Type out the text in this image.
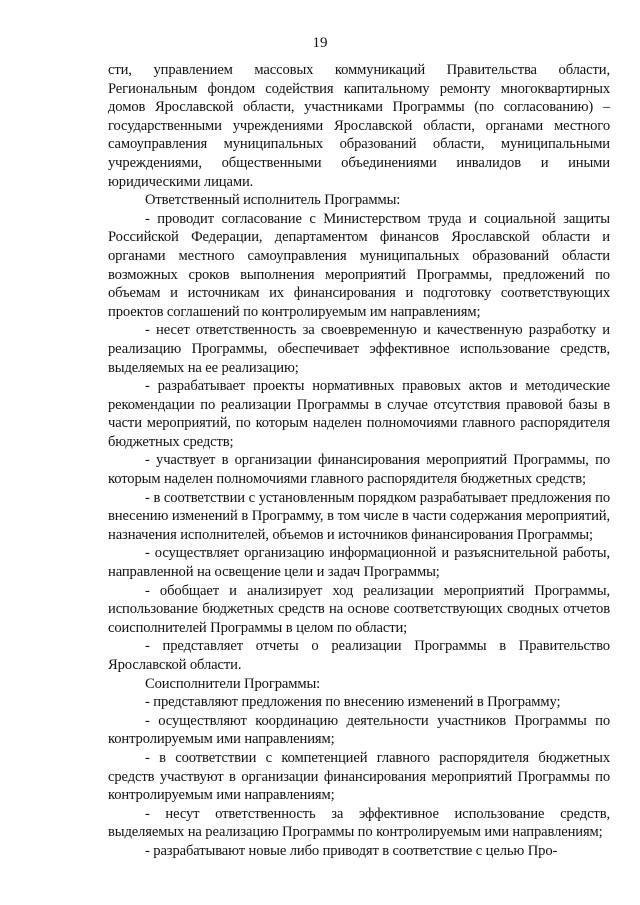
19

сти, управлением массовых коммуникаций Правительства области, Региональным фондом содействия капитальному ремонту многоквартирных домов Ярославской области, участниками Программы (по согласованию) – государственными учреждениями Ярославской области, органами местного самоуправления муниципальных образований области, муниципальными учреждениями, общественными объединениями инвалидов и иными юридическими лицами.

Ответственный исполнитель Программы:

- проводит согласование с Министерством труда и социальной защиты Российской Федерации, департаментом финансов Ярославской области и органами местного самоуправления муниципальных образований области возможных сроков выполнения мероприятий Программы, предложений по объемам и источникам их финансирования и подготовку соответствующих проектов соглашений по контролируемым им направлениям;

- несет ответственность за своевременную и качественную разработку и реализацию Программы, обеспечивает эффективное использование средств, выделяемых на ее реализацию;

- разрабатывает проекты нормативных правовых актов и методические рекомендации по реализации Программы в случае отсутствия правовой базы в части мероприятий, по которым наделен полномочиями главного распорядителя бюджетных средств;

- участвует в организации финансирования мероприятий Программы, по которым наделен полномочиями главного распорядителя бюджетных средств;

- в соответствии с установленным порядком разрабатывает предложения по внесению изменений в Программу, в том числе в части содержания мероприятий, назначения исполнителей, объемов и источников финансирования Программы;

- осуществляет организацию информационной и разъяснительной работы, направленной на освещение цели и задач Программы;

- обобщает и анализирует ход реализации мероприятий Программы, использование бюджетных средств на основе соответствующих сводных отчетов соисполнителей Программы в целом по области;

- представляет отчеты о реализации Программы в Правительство Ярославской области.

Соисполнители Программы:

- представляют предложения по внесению изменений в Программу;

- осуществляют координацию деятельности участников Программы по контролируемым ими направлениям;

- в соответствии с компетенцией главного распорядителя бюджетных средств участвуют в организации финансирования мероприятий Программы по контролируемым ими направлениям;

- несут ответственность за эффективное использование средств, выделяемых на реализацию Программы по контролируемым ими направлениям;

- разрабатывают новые либо приводят в соответствие с целью Про-
